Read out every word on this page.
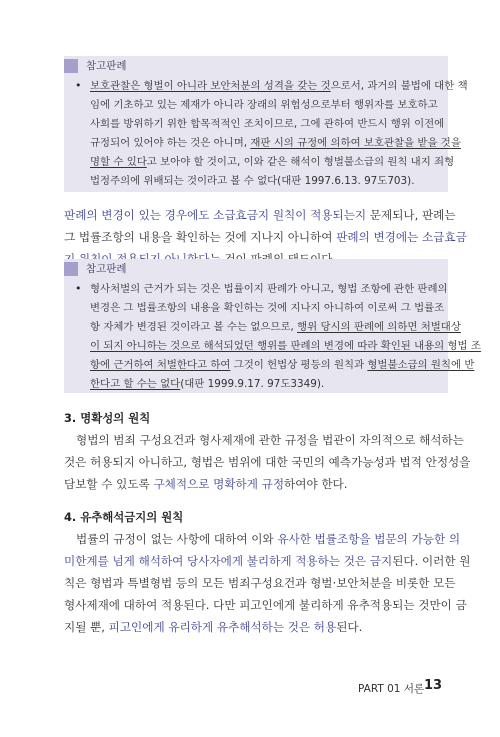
참고판례
• 보호관찰은 형벌이 아니라 보안처분의 성격을 갖는 것으로서, 과거의 불법에 대한 책
임에 기초하고 있는 제재가 아니라 장래의 위험성으로부터 행위자를 보호하고
사회를 방위하기 위한 합목적적인 조치이므로, 그에 관하여 반드시 행위 이전에
규정되어 있어야 하는 것은 아니며, 재판 시의 규정에 의하여 보호관찰을 받을 것을
명할 수 있다고 보아야 할 것이고, 이와 같은 해석이 형벌불소급의 원칙 내지 죄형
법정주의에 위배되는 것이라고 볼 수 없다(대판 1997.6.13. 97도703).
판례의 변경이 있는 경우에도 소급효금지 원칙이 적용되는지 문제되나, 판례는
그 법률조항의 내용을 확인하는 것에 지나지 아니하여 판례의 변경에는 소급효금
참고판례
• 형사처벌의 근거가 되는 것은 법률이지 판례가 아니고, 형법 조항에 관한 판례의
변경은 그 법률조항의 내용을 확인하는 것에 지나지 아니하여 이로써 그 법률조
항 자체가 변경된 것이라고 볼 수는 없으므로, 행위 당시의 판례에 의하면 처벌대상
이 되지 아니하는 것으로 해석되었던 행위를 판례의 변경에 따라 확인된 내용의 형법 조
항에 근거하여 처벌한다고 하여 그것이 헌법상 평등의 원칙과 형벌불소급의 원칙에 반
한다고 할 수는 없다(대판 1999.9.17. 97도3349).
3. 명확성의 원칙
형법의 범죄 구성요건과 형사제재에 관한 규정을 법관이 자의적으로 해석하는
것은 허용되지 아니하고, 형법은 범위에 대한 국민의 예측가능성과 법적 안정성을
담보할 수 있도록 구체적으로 명확하게 규정하여야 한다.
4. 유추해석금지의 원칙
법률의 규정이 없는 사항에 대하여 이와 유사한 법률조항을 법문의 가능한 의
미한계를 넘게 해석하여 당사자에게 불리하게 적용하는 것은 금지된다. 이러한 원
칙은 형법과 특별형법 등의 모든 범죄구성요건과 형벌·보안처분을 비롯한 모든
형사제재에 대하여 적용된다. 다만 피고인에게 불리하게 유추적용되는 것만이 금
지될 뿐, 피고인에게 유리하게 유추해석하는 것은 허용된다.
PART 01 서론 13
